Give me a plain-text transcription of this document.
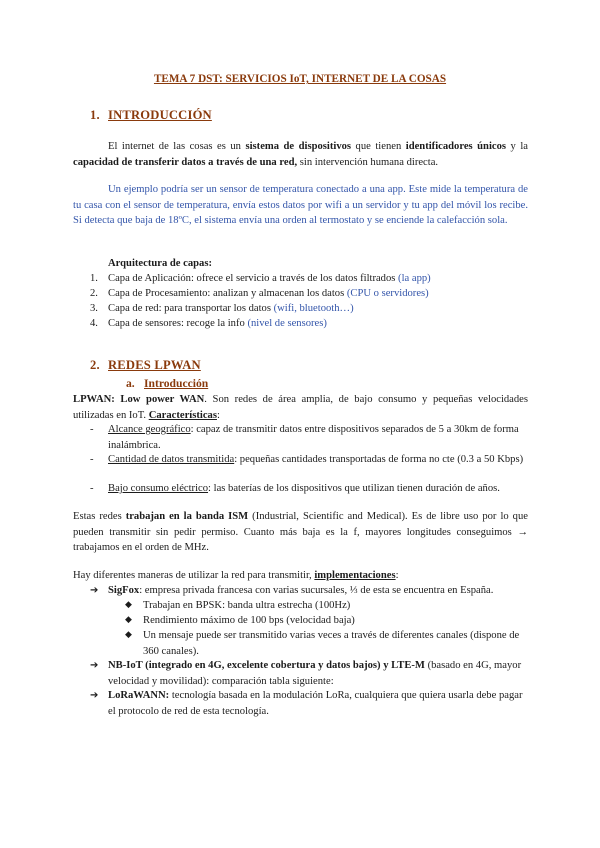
TEMA 7 DST: SERVICIOS IoT, INTERNET DE LA COSAS
1. INTRODUCCIÓN

El internet de las cosas es un sistema de dispositivos que tienen identificadores únicos y la capacidad de transferir datos a través de una red, sin intervención humana directa.

Un ejemplo podría ser un sensor de temperatura conectado a una app. Este mide la temperatura de tu casa con el sensor de temperatura, envía estos datos por wifi a un servidor y tu app del móvil los recibe. Si detecta que baja de 18ºC, el sistema envía una orden al termostato y se enciende la calefacción sola.

Arquitectura de capas:
1. Capa de Aplicación: ofrece el servicio a través de los datos filtrados (la app)
2. Capa de Procesamiento: analizan y almacenan los datos (CPU o servidores)
3. Capa de red: para transportar los datos (wifi, bluetooth…)
4. Capa de sensores: recoge la info (nivel de sensores)
2. REDES LPWAN
a. Introducción

LPWAN: Low power WAN. Son redes de área amplia, de bajo consumo y pequeñas velocidades utilizadas en IoT. Características:

- Alcance geográfico: capaz de transmitir datos entre dispositivos separados de 5 a 30km de forma inalámbrica.
- Cantidad de datos transmitida: pequeñas cantidades transportadas de forma no cte (0.3 a 50 Kbps)
- Bajo consumo eléctrico: las baterías de los dispositivos que utilizan tienen duración de años.

Estas redes trabajan en la banda ISM (Industrial, Scientific and Medical). Es de libre uso por lo que pueden transmitir sin pedir permiso. Cuanto más baja es la f, mayores longitudes conseguimos → trabajamos en el orden de MHz.

Hay diferentes maneras de utilizar la red para transmitir, implementaciones:

➔ SigFox: empresa privada francesa con varias sucursales, ⅓ de esta se encuentra en España.
◆ Trabajan en BPSK: banda ultra estrecha (100Hz)
◆ Rendimiento máximo de 100 bps (velocidad baja)
◆ Un mensaje puede ser transmitido varias veces a través de diferentes canales (dispone de 360 canales).
➔ NB-IoT (integrado en 4G, excelente cobertura y datos bajos) y LTE-M (basado en 4G, mayor velocidad y movilidad): comparación tabla siguiente:
➔ LoRaWANN: tecnología basada en la modulación LoRa, cualquiera que quiera usarla debe pagar el protocolo de red de esta tecnología.
